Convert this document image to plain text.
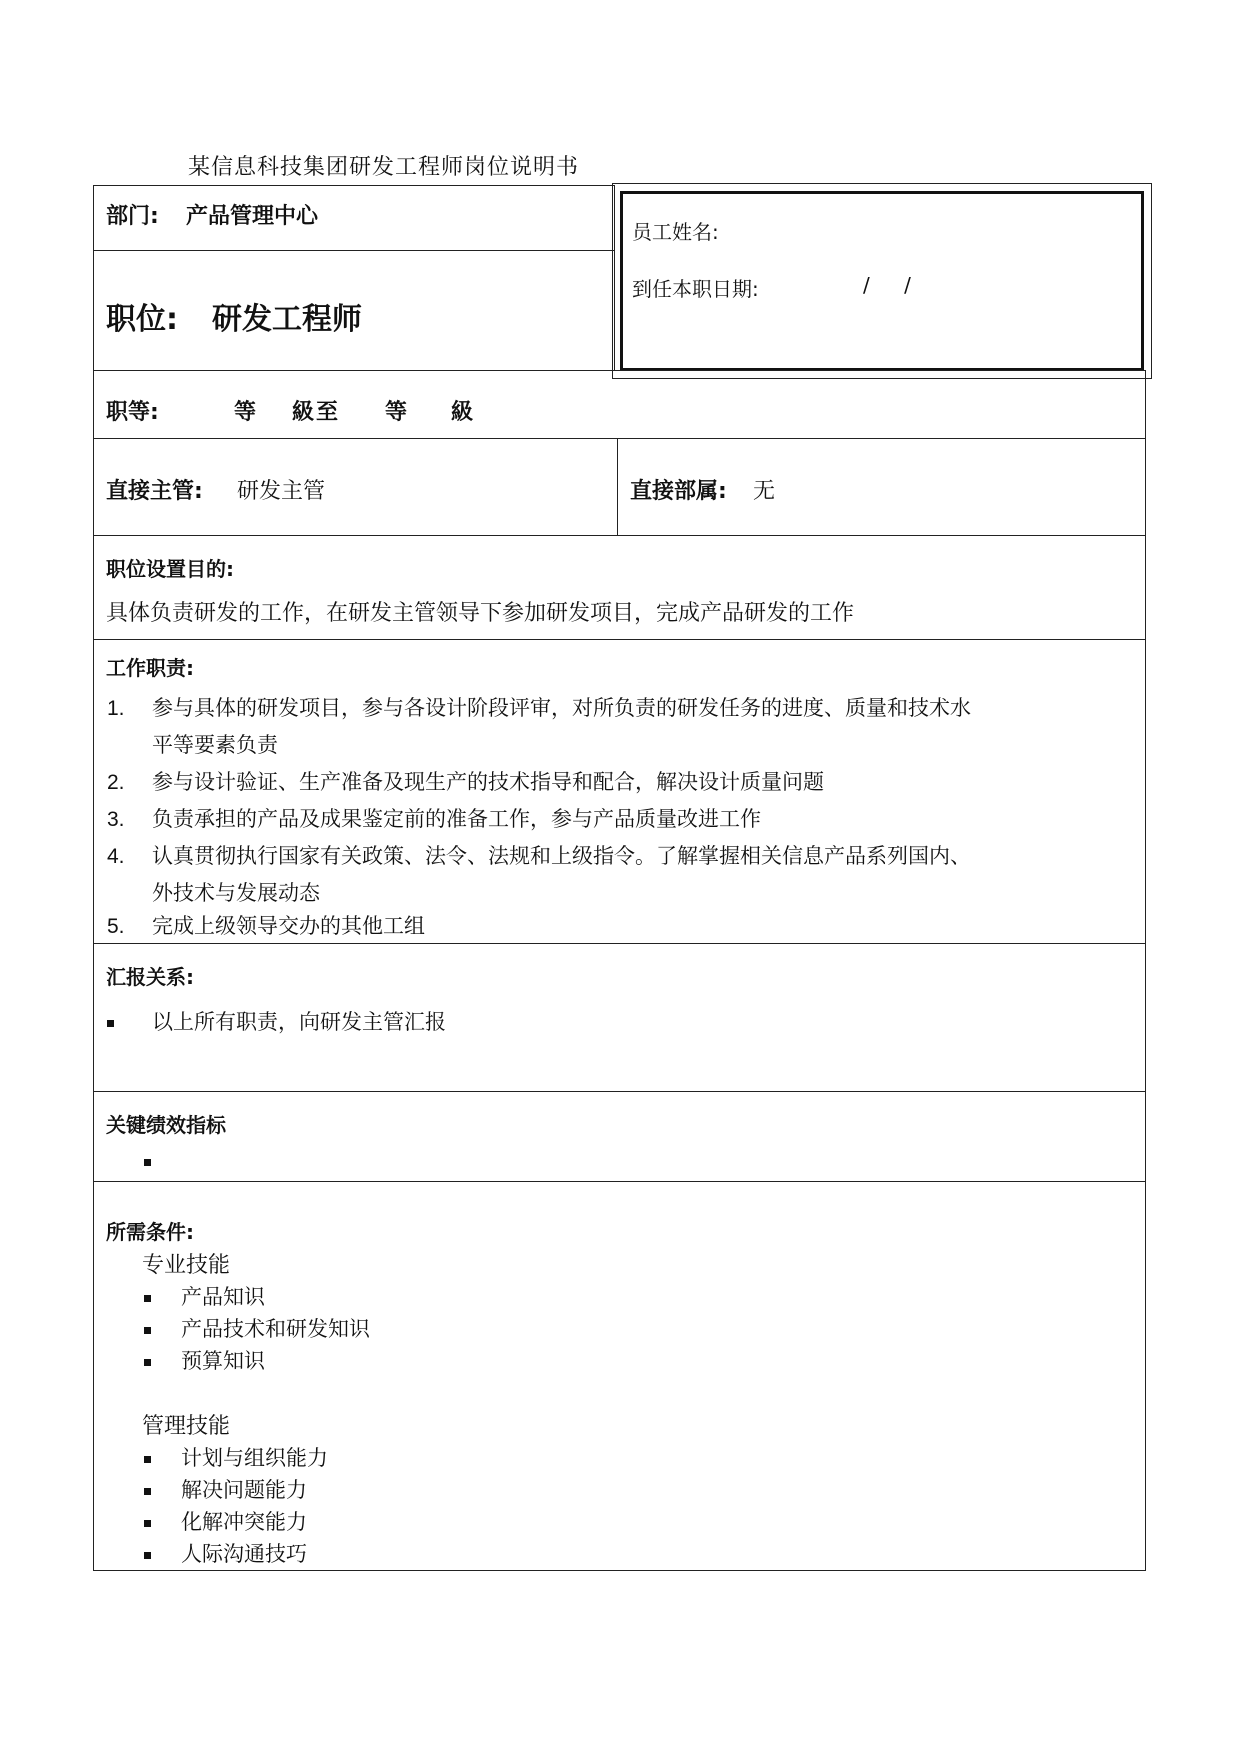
某信息科技集团研发工程师岗位说明书
部门: 产品管理中心
职位: 研发工程师
员工姓名:
到任本职日期:	/ /
职等:	等 級至 等 級
直接主管: 研发主管	直接部属: 无
职位设置目的:
具体负责研发的工作，在研发主管领导下参加研发项目，完成产品研发的工作
工作职责:
1. 参与具体的研发项目，参与各设计阶段评审，对所负责的研发任务的进度、质量和技术水
平等要素负责
2. 参与设计验证、生产准备及现生产的技术指导和配合，解决设计质量问题
3. 负责承担的产品及成果鉴定前的准备工作，参与产品质量改进工作
4. 认真贯彻执行国家有关政策、法令、法规和上级指令。了解掌握相关信息产品系列国内、
外技术与发展动态
5. 完成上级领导交办的其他工组
汇报关系:
以上所有职责，向研发主管汇报
关键绩效指标
所需条件:
专业技能
产品知识
产品技术和研发知识
预算知识
管理技能
计划与组织能力
解决问题能力
化解冲突能力
人际沟通技巧
